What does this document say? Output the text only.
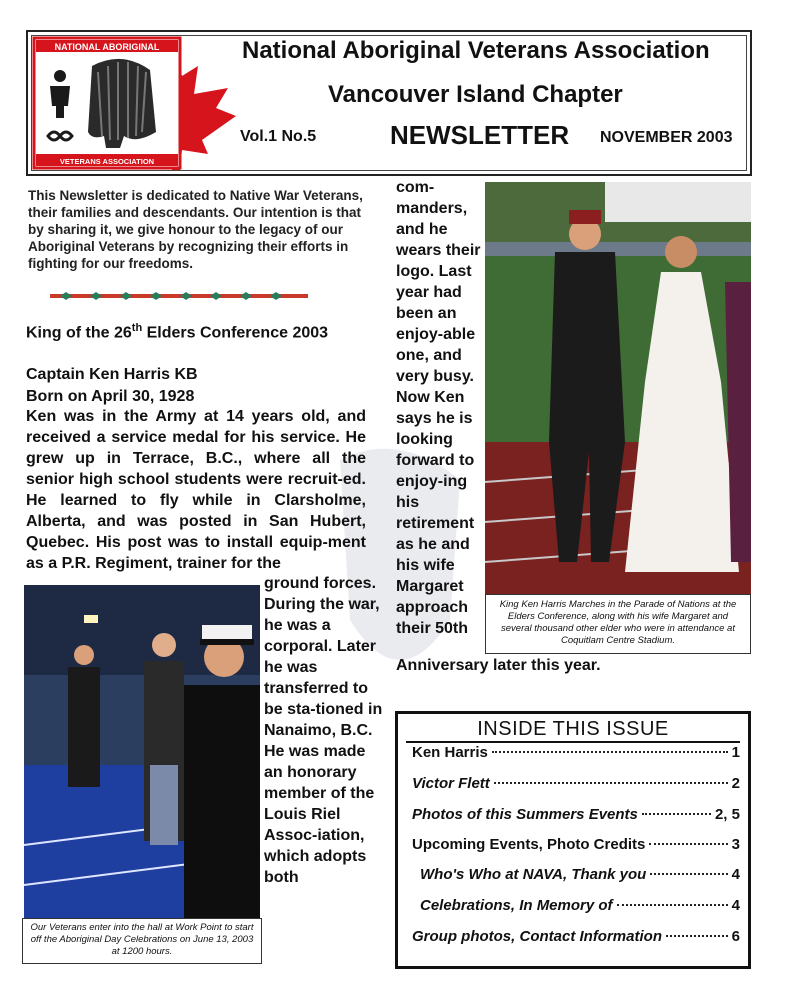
NATIONAL ABORIGINAL
VETERANS ASSOCIATION
National Aboriginal Veterans Association
Vancouver Island Chapter
Vol.1 No.5	NEWSLETTER NOVEMBER 2003
This Newsletter is dedicated to Native War Veterans, their families and descendants. Our intention is that by sharing it, we give honour to the legacy of our Aboriginal Veterans by recognizing their efforts in fighting for our freedoms.
King of the 26th Elders Conference 2003
Captain Ken Harris KB
Born on April 30, 1928
Ken was in the Army at 14 years old, and received a service medal for his service. He grew up in Terrace, B.C., where all the senior high school students were recruit-ed. He learned to fly while in Clarsholme, Alberta, and was posted in San Hubert, Quebec. His post was to install equip-ment as a P.R. Regiment, trainer for the
ground forces. During the war, he was a corporal. Later he was transferred to be sta-tioned in Nanaimo, B.C. He was made an honorary member of the Louis Riel Assoc-iation, which adopts both
com-manders, and he wears their logo. Last year had been an enjoy-able one, and very busy. Now Ken says he is looking forward to enjoy-ing his retirement as he and his wife Margaret approach their 50th
Anniversary later this year.
King Ken Harris Marches in the Parade of Nations at the Elders Conference, along with his wife Margaret and several thousand other elder who were in attendance at Coquitlam Centre Stadium.
Our Veterans enter into the hall at Work Point to start off the Aboriginal Day Celebrations on June 13, 2003 at 1200 hours.
INSIDE THIS ISSUE
Ken Harris	1
Victor Flett	2
Photos of this Summers Events	2, 5
Upcoming Events, Photo Credits	3
Who's Who at NAVA, Thank you	4
Celebrations, In Memory of	4
Group photos, Contact Information	6
